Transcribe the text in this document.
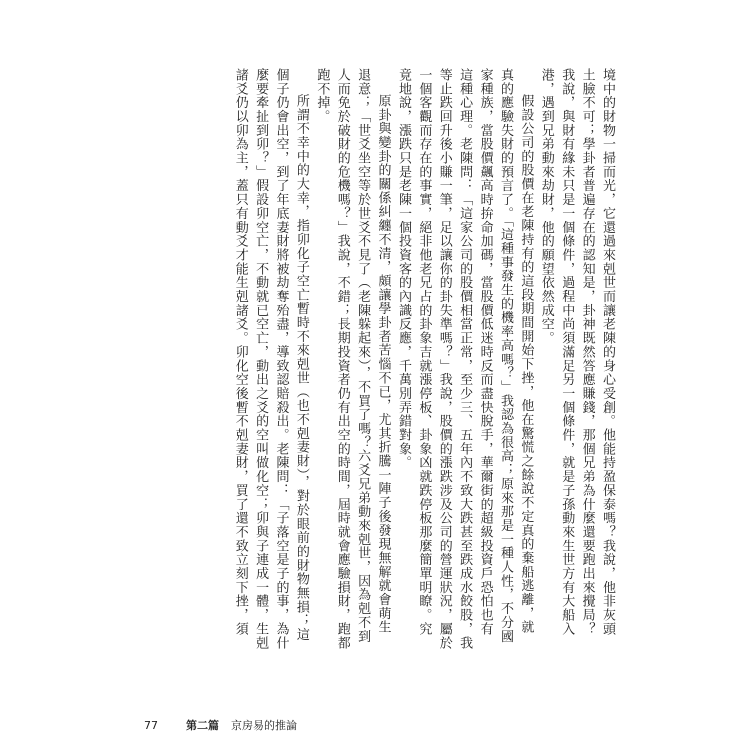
境中的財物一掃而光，它還過來剋世而讓老陳的身心受創。他能持盈保泰嗎？我說，他非灰頭
土臉不可；學卦者普遍存在的認知是，卦神既然答應賺錢，那個兄弟為什麼還要跑出來攪局？
我說，與財有緣未只是一個條件，過程中尚須滿足另一個條件，就是子孫動來生世方有大船入
港，遇到兄弟動來劫財，他的願望依然成空。
假設公司的股價在老陳持有的這段期間開始下挫，他在驚慌之餘說不定真的棄船逃離，就
真的應驗失財的預言了。「這種事發生的機率高嗎？」我認為很高；原來那是一種人性，不分國
家種族，當股價飆高時拚命加碼，當股價低迷時反而盡快脫手，華爾街的超級投資戶恐怕也有
這種心理。老陳問：「這家公司的股價相當正常，至少三、五年內不致大跌甚至跌成水餃股，我
等止跌回升後小賺一筆，足以讓你的卦失準嗎？」我說，股價的漲跌涉及公司的營運狀況，屬於
一個客觀而存在的事實，絕非他老兄占的卦象吉就漲停板、卦象凶就跌停板那麼簡單明瞭。究
竟地說，漲跌只是老陳一個投資客的內識反應，千萬別弄錯對象。
原卦與變卦的關係糾纏不清，頗讓學卦者苦惱不已，尤其折騰一陣子後發現無解就會萌生
退意；「世爻坐空等於世爻不見了（老陳躲起來），不買了嗎？六爻兄弟動來剋世，因為剋不到
人而免於破財的危機嗎？」我說，不錯；長期投資者仍有出空的時間，屆時就會應驗損財，跑都
跑不掉。
所謂不幸中的大幸，指卯化子空亡暫時不來剋世（也不剋妻財），對於眼前的財物無損；這
個子仍會出空，到了年底妻財將被劫奪殆盡，導致認賠殺出。老陳問：「子落空是子的事，為什
麼要牽扯到卯？」假設卯空亡，不動就已空亡，動出之爻的空叫做化空；卯與子連成一體，生剋
諸爻仍以卯為主，蓋只有動爻才能生剋諸爻。卯化空後暫不剋妻財，買了還不致立刻下挫，須
77	第二篇 京房易的推論
